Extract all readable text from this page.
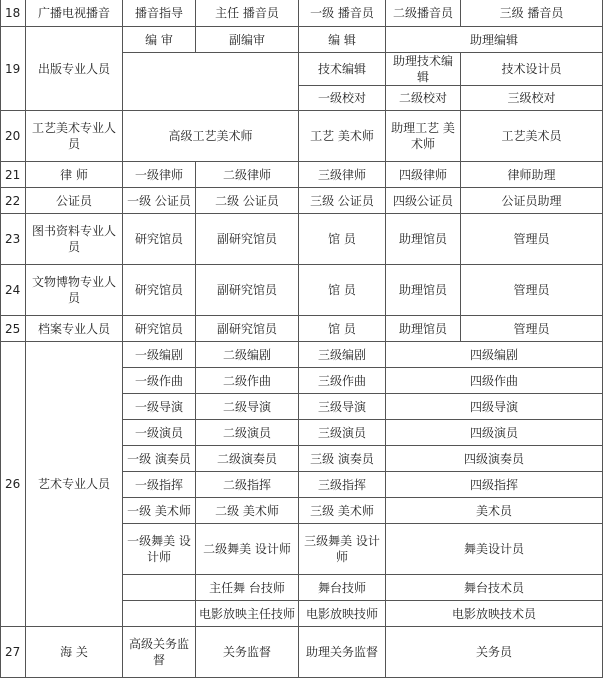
18	广播电视播音	播音指导	主任 播音员	一级 播音员	二级播音员	三级 播音员
19	出版专业人员	编 审	副编审	编 辑	助理编辑	
				技术编辑	助理技术编辑	技术设计员
				一级校对	二级校对	三级校对
20	工艺美术专业人员	高级工艺美术师		工艺 美术师	助理工艺 美术师	工艺美术员
21	律 师	一级律师	二级律师	三级律师	四级律师	律师助理
22	公证员	一级 公证员	二级 公证员	三级 公证员	四级公证员	公证员助理
23	图书资料专业人员	研究馆员	副研究馆员	馆 员	助理馆员	管理员
24	文物博物专业人员	研究馆员	副研究馆员	馆 员	助理馆员	管理员
25	档案专业人员	研究馆员	副研究馆员	馆 员	助理馆员	管理员
26	艺术专业人员	一级编剧	二级编剧	三级编剧	四级编剧	
		一级作曲	二级作曲	三级作曲	四级作曲	
		一级导演	二级导演	三级导演	四级导演	
		一级演员	二级演员	三级演员	四级演员	
		一级 演奏员	二级演奏员	三级 演奏员	四级演奏员	
		一级指挥	二级指挥	三级指挥	四级指挥	
		一级 美术师	二级 美术师	三级 美术师	美术员	
		一级舞美 设计师	二级舞美 设计师	三级舞美 设计师	舞美设计员	
			主任舞 台技师	舞台技师	舞台技术员	
			电影放映主任技师	电影放映技师	电影放映技术员	
27	海 关	高级关务监督	关务监督	助理关务监督	关务员	
